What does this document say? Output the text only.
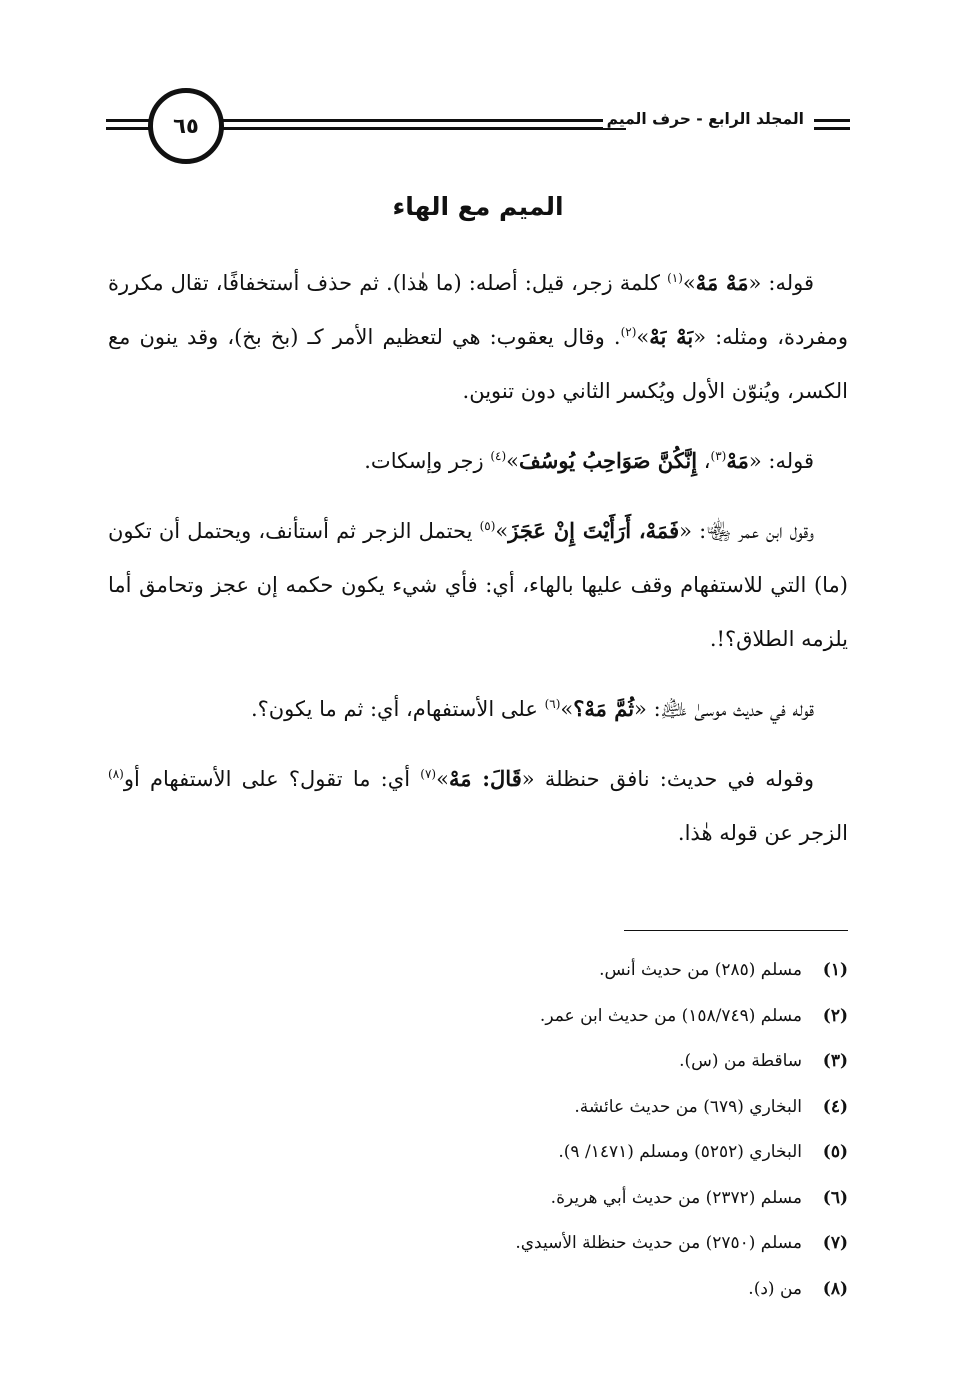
٦٥	المجلد الرابع - حرف الميم
الميم مع الهاء

قوله: «مَهْ مَهْ»$^{(١)}$ كلمة زجر، قيل: أصله: (ما هٰذا). ثم حذف أستخفافًا، تقال مكررة ومفردة، ومثله: «بَهْ بَهْ»$^{(٢)}$. وقال يعقوب: هي لتعظيم الأمر كـ (بخ بخ)، وقد ينون مع الكسر، ويُنوّن الأول ويُكسر الثاني دون تنوين.

قوله: «مَهْ$^{(٣)}$، إِنَّكُنَّ صَوَاحِبُ يُوسُفَ»$^{(٤)}$ زجر وإسكات.

وقول ابن عمر ﵄: «فَمَهْ، أَرَأَيْتَ إِنْ عَجَزَ»$^{(٥)}$ يحتمل الزجر ثم أستأنف، ويحتمل أن تكون (ما) التي للاستفهام وقف عليها بالهاء، أي: فأي شيء يكون حكمه إن عجز وتحامق أما يلزمه الطلاق؟!.

قوله في حديث موسىٰ ﵇: «ثُمَّ مَهْ؟»$^{(٦)}$ على الأستفهام، أي: ثم ما يكون؟.

وقوله في حديث: نافق حنظلة «قَالَ: مَهْ»$^{(٧)}$ أي: ما تقول؟ على الأستفهام أو$^{(٨)}$ الزجر عن قوله هٰذا.

(١)مسلم (٢٨٥) من حديث أنس.
(٢)مسلم (١٥٨/٧٤٩) من حديث ابن عمر.
(٣)ساقطة من (س).
(٤)البخاري (٦٧٩) من حديث عائشة.
(٥)البخاري (٥٢٥٢) ومسلم (١٤٧١/ ٩).
(٦)مسلم (٢٣٧٢) من حديث أبي هريرة.
(٧)مسلم (٢٧٥٠) من حديث حنظلة الأسيدي.
(٨)من (د).
